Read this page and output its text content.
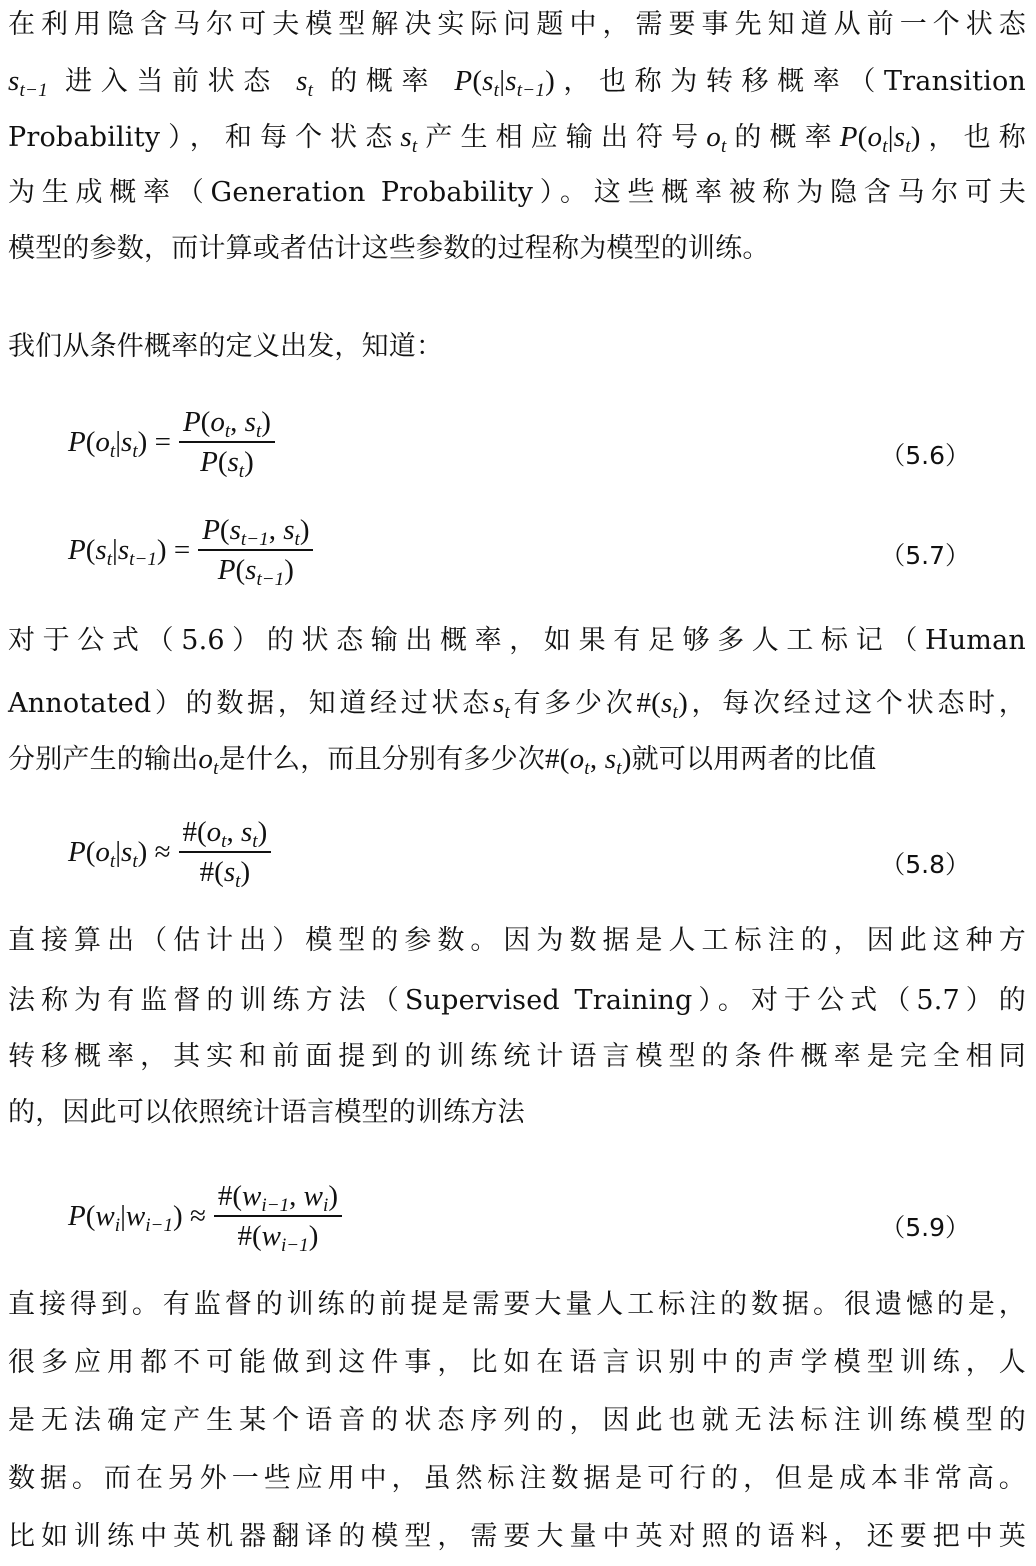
在利用隐含马尔可夫模型解决实际问题中，需要事先知道从前一个状态
$s_{t-1}$ 进入当前状态 $s_t$ 的概率 $P(s_t|s_{t-1})$，也称为转移概率（Transition
Probability），和每个状态$s_t$产生相应输出符号$o_t$的概率$P(o_t|s_t)$，也称
为生成概率（Generation Probability）。这些概率被称为隐含马尔可夫
模型的参数，而计算或者估计这些参数的过程称为模型的训练。
我们从条件概率的定义出发，知道：
$P(o_t|s_t) = \frac{P(o_t, s_t)}{P(s_t)}$	（5.6）
$P(s_t|s_{t-1}) = \frac{P(s_{t-1}, s_t)}{P(s_{t-1})}$	（5.7）
对于公式（5.6）的状态输出概率，如果有足够多人工标记（Human
Annotated）的数据，知道经过状态$s_t$有多少次$\#(s_t)$，每次经过这个状态时，
分别产生的输出$o_t$是什么，而且分别有多少次$\#(o_t$, $s_t$)就可以用两者的比值
$P(o_t|s_t) \approx \frac{\#(o_t, s_t)}{\#(s_t)}$	（5.8）
直接算出（估计出）模型的参数。因为数据是人工标注的，因此这种方
法称为有监督的训练方法（Supervised Training）。对于公式（5.7）的
转移概率，其实和前面提到的训练统计语言模型的条件概率是完全相同
的，因此可以依照统计语言模型的训练方法
$P(w_i|w_{i-1}) \approx \frac{\#(w_{i-1}, w_i)}{\#(w_{i-1})}$	（5.9）
直接得到。有监督的训练的前提是需要大量人工标注的数据。很遗憾的是，
很多应用都不可能做到这件事，比如在语言识别中的声学模型训练，人
是无法确定产生某个语音的状态序列的，因此也就无法标注训练模型的
数据。而在另外一些应用中，虽然标注数据是可行的，但是成本非常高。
比如训练中英机器翻译的模型，需要大量中英对照的语料，还要把中英
